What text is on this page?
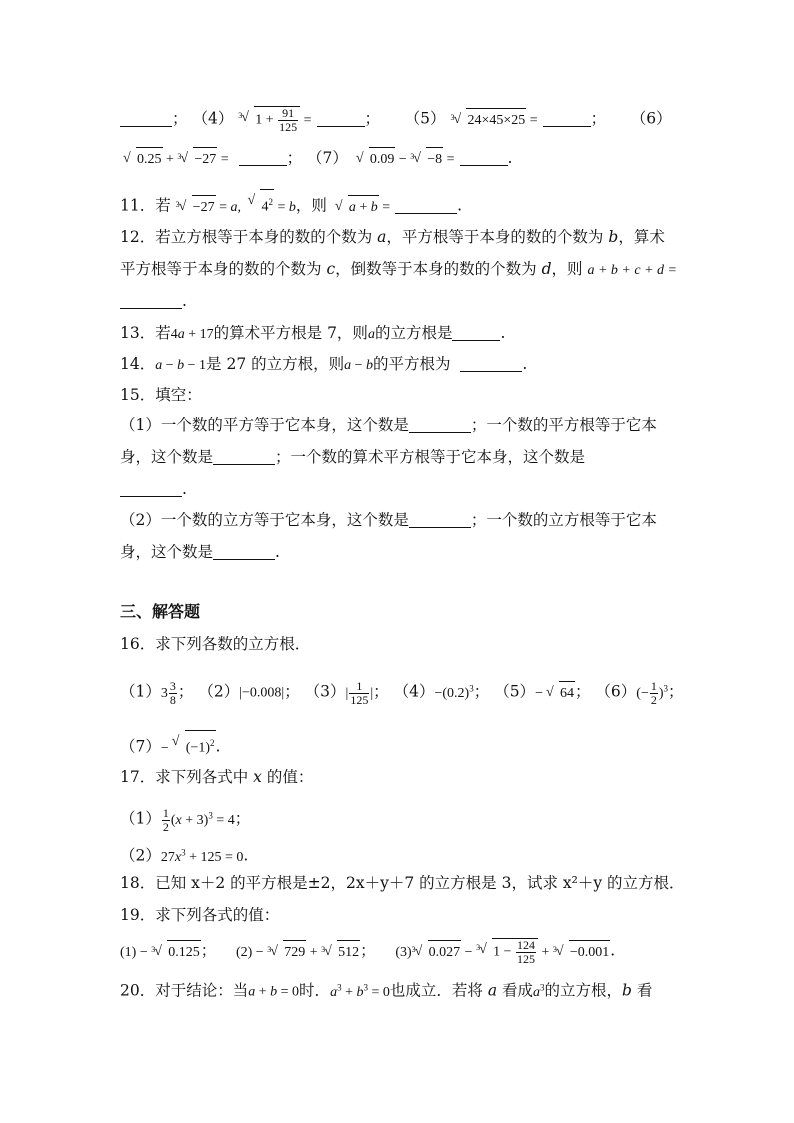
； （4） 3 √ $1 + \frac{91}{125}$ =	； （5） 3 √ 24×45×25 =	； （6）
√ 0.25 + 3 √ −27 =	； （7） √ 0.09 − 3 √ −8 =	.
11．若 3 √ −27 = a, √ $4^2 = b$，则 √ a + b =	.
12．若立方根等于本身的数的个数为 a，平方根等于本身的数的个数为 b，算术
平方根等于本身的数的个数为 c，倒数等于本身的数的个数为 d，则 a + b + c + d =
.
13．若4a + 17的算术平方根是 7，则a的立方根是	.
14．a − b − 1是 27 的立方根，则a − b的平方根为	.
15．填空：
（1）一个数的平方等于它本身，这个数是	；一个数的平方根等于它本
身，这个数是	；一个数的算术平方根等于它本身，这个数是
.
（2）一个数的立方等于它本身，这个数是	；一个数的立方根等于它本
身，这个数是	.
三、解答题
16．求下列各数的立方根．
$(1)3 \frac{3}{8}$ ； （2）|−0.008|； $(3)| \frac{1}{125}$ |； $(4)-(0.2)^3$； （5）− √ 64； $(6)(- \frac{1}{2} )^3$；
（7）− √ $(-1)^2$.
17．求下列各式中 x 的值：
$(1) \frac{1}{2} (x + 3)^3 = 4$；
$(2)27x^3 + 125 = 0$.
18．已知 x＋2 的平方根是±2，2x＋y＋7 的立方根是 3，试求 x²＋y 的立方根．
19．求下列各式的值：
(1) − 3 √ 0.125； (2) − 3 √ 729 + 3 √ 512； (3) 3 √ 0.027 − 3 √ $1 - \frac{124}{125} + 3$ √ −0.001.
20．对于结论：当a + b = 0时．$a^3 + b^3 = 0$也成立．若将 a 看成$a^3$的立方根，b 看
